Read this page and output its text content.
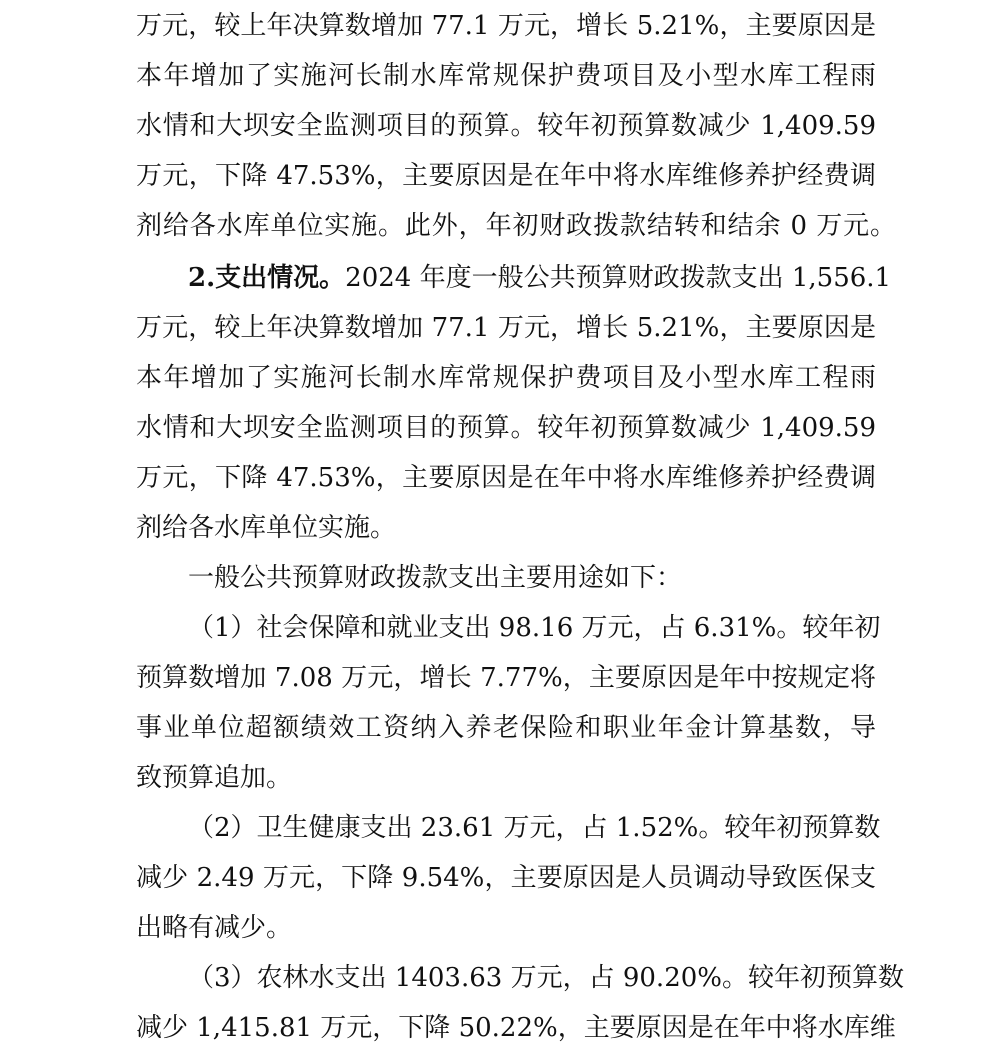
万元，较上年决算数增加 77.1 万元，增长 5.21%，主要原因是
本年增加了实施河长制水库常规保护费项目及小型水库工程雨
水情和大坝安全监测项目的预算。较年初预算数减少 1,409.59
万元，下降 47.53%，主要原因是在年中将水库维修养护经费调
剂给各水库单位实施。此外，年初财政拨款结转和结余 0 万元。
2.支出情况。2024 年度一般公共预算财政拨款支出 1,556.1
万元，较上年决算数增加 77.1 万元，增长 5.21%，主要原因是
本年增加了实施河长制水库常规保护费项目及小型水库工程雨
水情和大坝安全监测项目的预算。较年初预算数减少 1,409.59
万元，下降 47.53%，主要原因是在年中将水库维修养护经费调
剂给各水库单位实施。
一般公共预算财政拨款支出主要用途如下：
（1）社会保障和就业支出 98.16 万元，占 6.31%。较年初
预算数增加 7.08 万元，增长 7.77%，主要原因是年中按规定将
事业单位超额绩效工资纳入养老保险和职业年金计算基数，导
致预算追加。
（2）卫生健康支出 23.61 万元，占 1.52%。较年初预算数
减少 2.49 万元，下降 9.54%，主要原因是人员调动导致医保支
出略有减少。
（3）农林水支出 1403.63 万元，占 90.20%。较年初预算数
减少 1,415.81 万元，下降 50.22%，主要原因是在年中将水库维
